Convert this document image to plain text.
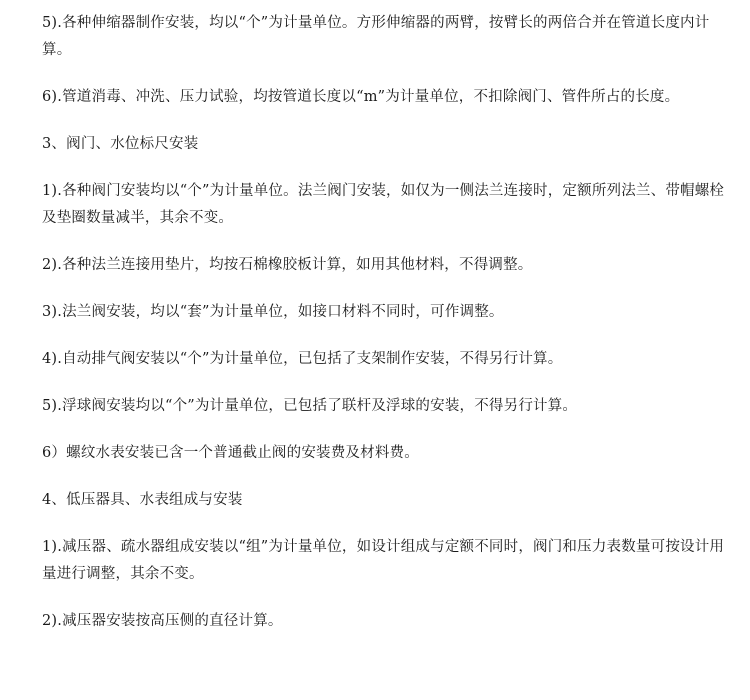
5).各种伸缩器制作安装，均以“个”为计量单位。方形伸缩器的两臂，按臂长的两倍合并在管道长度内计算。

6).管道消毒、冲洗、压力试验，均按管道长度以“m”为计量单位，不扣除阀门、管件所占的长度。

3、阀门、水位标尺安装

1).各种阀门安装均以“个”为计量单位。法兰阀门安装，如仅为一侧法兰连接时，定额所列法兰、带帽螺栓及垫圈数量减半，其余不变。

2).各种法兰连接用垫片，均按石棉橡胶板计算，如用其他材料，不得调整。

3).法兰阀安装，均以“套”为计量单位，如接口材料不同时，可作调整。

4).自动排气阀安装以“个”为计量单位，已包括了支架制作安装，不得另行计算。

5).浮球阀安装均以“个”为计量单位，已包括了联杆及浮球的安装，不得另行计算。

6）螺纹水表安装已含一个普通截止阀的安装费及材料费。

4、低压器具、水表组成与安装

1).减压器、疏水器组成安装以“组”为计量单位，如设计组成与定额不同时，阀门和压力表数量可按设计用量进行调整，其余不变。

2).减压器安装按高压侧的直径计算。
